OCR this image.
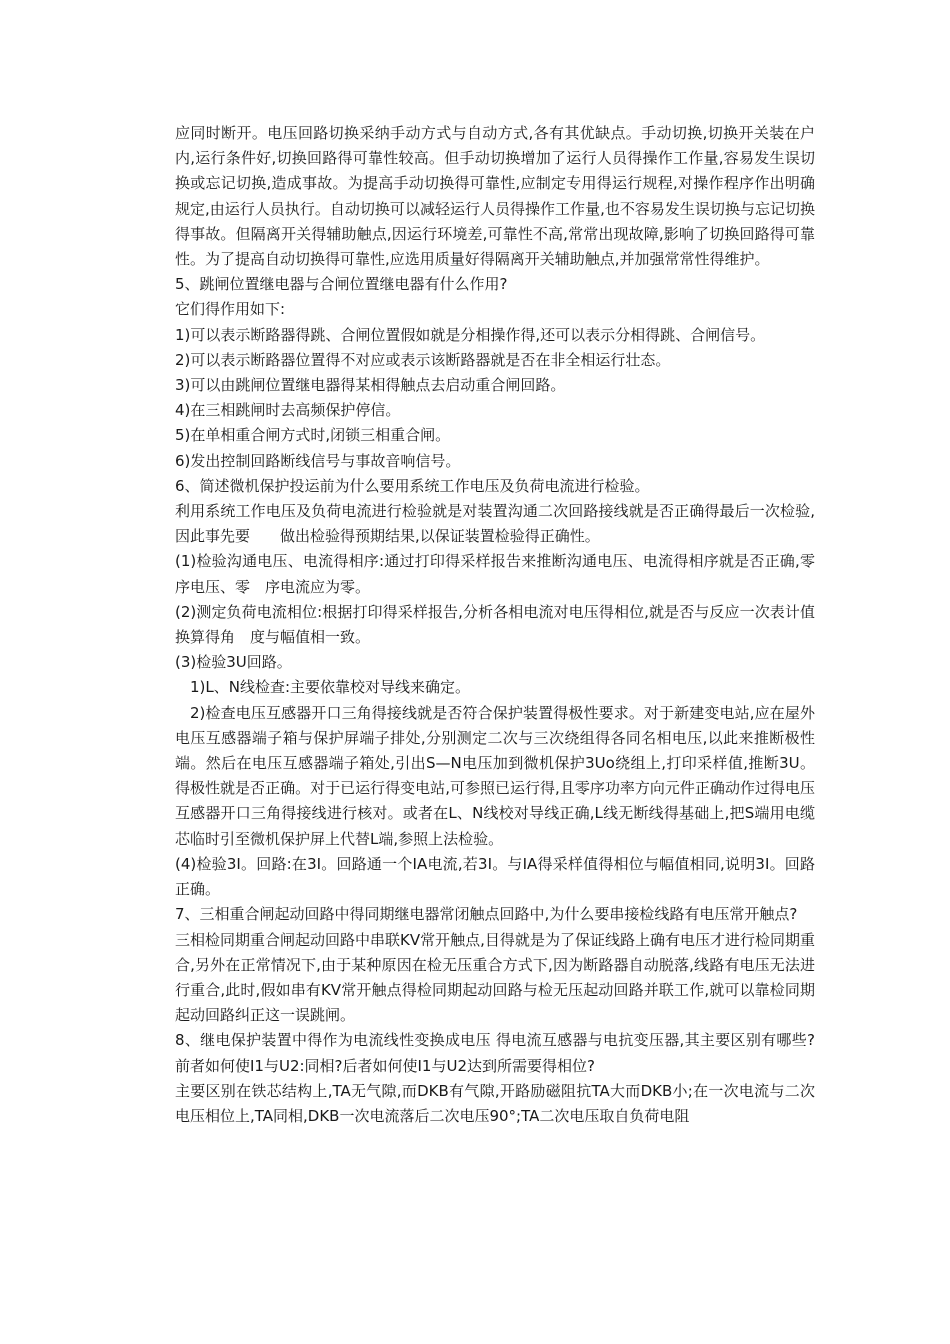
应同时断开。电压回路切换采纳手动方式与自动方式,各有其优缺点。手动切换,切换开关装在户内,运行条件好,切换回路得可靠性较高。但手动切换增加了运行人员得操作工作量,容易发生误切换或忘记切换,造成事故。为提高手动切换得可靠性,应制定专用得运行规程,对操作程序作出明确规定,由运行人员执行。自动切换可以减轻运行人员得操作工作量,也不容易发生误切换与忘记切换得事故。但隔离开关得辅助触点,因运行环境差,可靠性不高,常常出现故障,影响了切换回路得可靠性。为了提高自动切换得可靠性,应选用质量好得隔离开关辅助触点,并加强常常性得维护。

5、跳闸位置继电器与合闸位置继电器有什么作用?

它们得作用如下:

1)可以表示断路器得跳、合闸位置假如就是分相操作得,还可以表示分相得跳、合闸信号。

2)可以表示断路器位置得不对应或表示该断路器就是否在非全相运行壮态。

3)可以由跳闸位置继电器得某相得触点去启动重合闸回路。

4)在三相跳闸时去高频保护停信。

5)在单相重合闸方式时,闭锁三相重合闸。

6)发出控制回路断线信号与事故音响信号。

6、简述微机保护投运前为什么要用系统工作电压及负荷电流进行检验。

利用系统工作电压及负荷电流进行检验就是对装置沟通二次回路接线就是否正确得最后一次检验,因此事先要　　做出检验得预期结果,以保证装置检验得正确性。

(1)检验沟通电压、电流得相序:通过打印得采样报告来推断沟通电压、电流得相序就是否正确,零序电压、零　序电流应为零。

(2)测定负荷电流相位:根据打印得采样报告,分析各相电流对电压得相位,就是否与反应一次表计值换算得角　度与幅值相一致。

(3)检验3U回路。

1)L、N线检查:主要依靠校对导线来确定。

2)检查电压互感器开口三角得接线就是否符合保护装置得极性要求。对于新建变电站,应在屋外电压互感器端子箱与保护屏端子排处,分别测定二次与三次绕组得各同名相电压,以此来推断极性端。然后在电压互感器端子箱处,引出S—N电压加到微机保护3Uo绕组上,打印采样值,推断3U。得极性就是否正确。对于已运行得变电站,可参照已运行得,且零序功率方向元件正确动作过得电压互感器开口三角得接线进行核对。或者在L、N线校对导线正确,L线无断线得基础上,把S端用电缆芯临时引至微机保护屏上代替L端,参照上法检验。

(4)检验3I。回路:在3I。回路通一个IA电流,若3I。与IA得采样值得相位与幅值相同,说明3I。回路正确。

7、三相重合闸起动回路中得同期继电器常闭触点回路中,为什么要串接检线路有电压常开触点?

三相检同期重合闸起动回路中串联KV常开触点,目得就是为了保证线路上确有电压才进行检同期重合,另外在正常情况下,由于某种原因在检无压重合方式下,因为断路器自动脱落,线路有电压无法进行重合,此时,假如串有KV常开触点得检同期起动回路与检无压起动回路并联工作,就可以靠检同期起动回路纠正这一误跳闸。

8、继电保护装置中得作为电流线性变换成电压 得电流互感器与电抗变压器,其主要区别有哪些?前者如何使I1与U2:同相?后者如何使I1与U2达到所需要得相位?

主要区别在铁芯结构上,TA无气隙,而DKB有气隙,开路励磁阻抗TA大而DKB小;在一次电流与二次电压相位上,TA同相,DKB一次电流落后二次电压90°;TA二次电压取自负荷电阻
